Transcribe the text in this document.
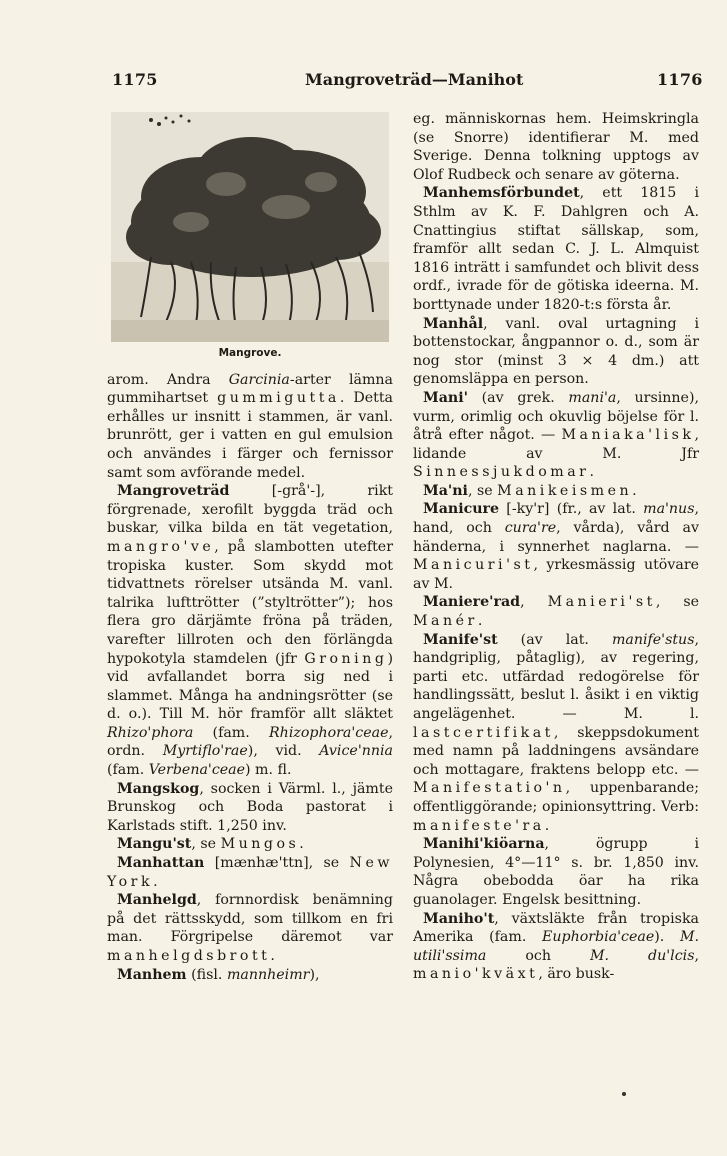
1175	Mangroveträd—Manihot	1176
Mangrove.

arom. Andra Garcinia-arter lämna gummihartset gummigutta. Detta erhålles ur insnitt i stammen, är vanl. brunrött, ger i vatten en gul emulsion och användes i färger och fernissor samt som avförande medel.

Mangroveträd [-grå'-], rikt förgrenade, xerofilt byggda träd och buskar, vilka bilda en tät vegetation, mangro've, på slambotten utefter tropiska kuster. Som skydd mot tidvattnets rörelser utsända M. vanl. talrika lufttrötter (”styltrötter”); hos flera gro därjämte fröna på träden, varefter lillroten och den förlängda hypokotyla stamdelen (jfr Groning) vid avfallandet borra sig ned i slammet. Många ha andningsrötter (se d. o.). Till M. hör framför allt släktet Rhizo'phora (fam. Rhizophora'ceae, ordn. Myrtiflo'rae), vid. Avice'nnia (fam. Verbena'ceae) m. fl.

Mangskog, socken i Värml. l., jämte Brunskog och Boda pastorat i Karlstads stift. 1,250 inv.

Mangu'st, se Mungos.

Manhattan [mænhæ'ttn], se New York.

Manhelgd, fornnordisk benämning på det rättsskydd, som tillkom en fri man. Förgripelse däremot var manhelgdsbrott.

Manhem (fisl. mannheimr),

eg. människornas hem. Heimskringla (se Snorre) identifierar M. med Sverige. Denna tolkning upptogs av Olof Rudbeck och senare av göterna.

Manhemsförbundet, ett 1815 i Sthlm av K. F. Dahlgren och A. Cnattingius stiftat sällskap, som, framför allt sedan C. J. L. Almquist 1816 inträtt i samfundet och blivit dess ordf., ivrade för de götiska ideerna. M. borttynade under 1820-t:s första år.

Manhål, vanl. oval urtagning i bottenstockar, ångpannor o. d., som är nog stor (minst 3 × 4 dm.) att genomsläppa en person.

Mani' (av grek. mani'a, ursinne), vurm, orimlig och okuvlig böjelse för l. åtrå efter något. — Maniaka'lisk, lidande av M. Jfr Sinnessjukdomar.

Ma'ni, se Manikeismen.

Manicure [-ky'r] (fr., av lat. ma'nus, hand, och cura're, vårda), vård av händerna, i synnerhet naglarna. — Manicuri'st, yrkesmässig utövare av M.

Maniere'rad, Manieri'st, se Manér.

Manife'st (av lat. manife'stus, handgriplig, påtaglig), av regering, parti etc. utfärdad redogörelse för handlingssätt, beslut l. åsikt i en viktig angelägenhet. — M. l. lastcertifikat, skeppsdokument med namn på laddningens avsändare och mottagare, fraktens belopp etc. — Manifestatio'n, uppenbarande; offentliggörande; opinionsyttring. Verb: manifeste'ra.

Manihi'kiöarna, ögrupp i Polynesien, 4°—11° s. br. 1,850 inv. Några obebodda öar ha rika guanolager. Engelsk besittning.

Maniho't, växtsläkte från tropiska Amerika (fam. Euphorbia'ceae). M. utili'ssima och M. du'lcis, manio'kväxt, äro busk-
